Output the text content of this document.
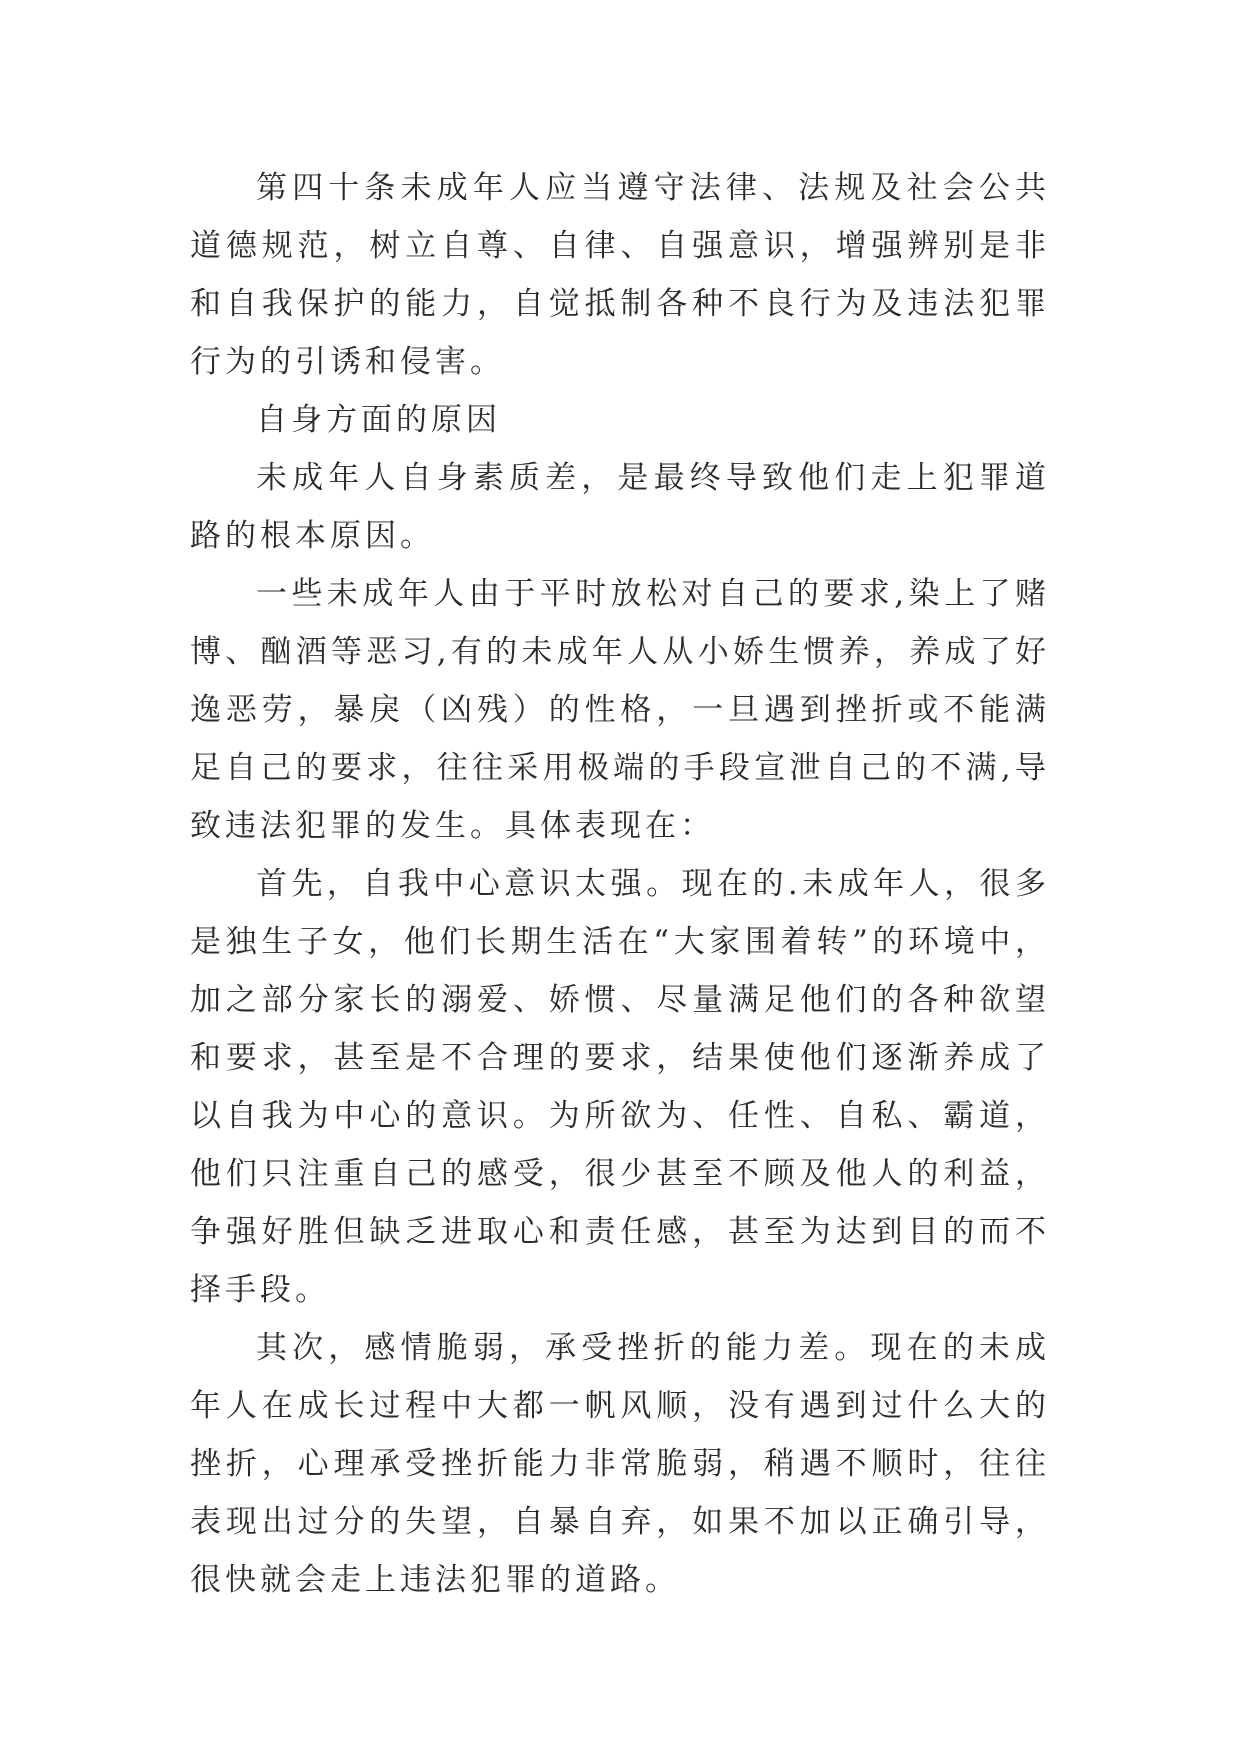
第四十条未成年人应当遵守法律、法规及社会公共道德规范，树立自尊、自律、自强意识，增强辨别是非和自我保护的能力，自觉抵制各种不良行为及违法犯罪行为的引诱和侵害。

自身方面的原因

未成年人自身素质差，是最终导致他们走上犯罪道路的根本原因。

一些未成年人由于平时放松对自己的要求,染上了赌博、酗酒等恶习,有的未成年人从小娇生惯养，养成了好逸恶劳，暴戾（凶残）的性格，一旦遇到挫折或不能满足自己的要求，往往采用极端的手段宣泄自己的不满,导致违法犯罪的发生。具体表现在：

首先，自我中心意识太强。现在的.未成年人，很多是独生子女，他们长期生活在“大家围着转”的环境中，加之部分家长的溺爱、娇惯、尽量满足他们的各种欲望和要求，甚至是不合理的要求，结果使他们逐渐养成了以自我为中心的意识。为所欲为、任性、自私、霸道，他们只注重自己的感受，很少甚至不顾及他人的利益，争强好胜但缺乏进取心和责任感，甚至为达到目的而不择手段。

其次，感情脆弱，承受挫折的能力差。现在的未成年人在成长过程中大都一帆风顺，没有遇到过什么大的挫折，心理承受挫折能力非常脆弱，稍遇不顺时，往往表现出过分的失望，自暴自弃，如果不加以正确引导，很快就会走上违法犯罪的道路。
